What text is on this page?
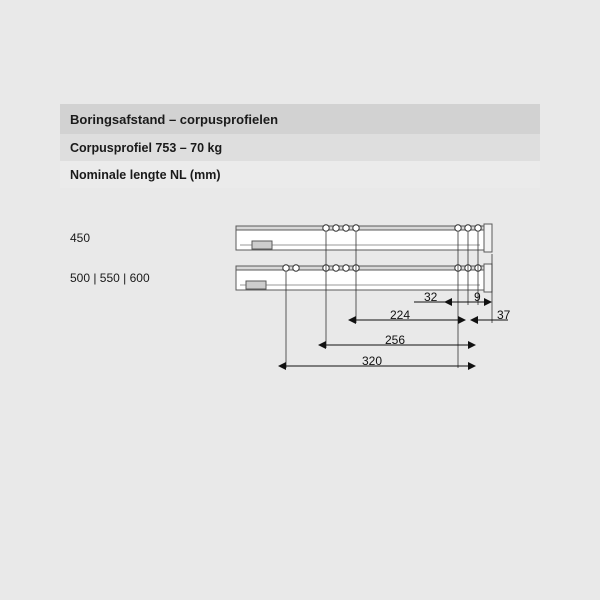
Boringsafstand – corpusprofielen
Corpusprofiel 753 – 70 kg
Nominale lengte NL (mm)
450
500 | 550 | 600
32	9
224	37
256
320
